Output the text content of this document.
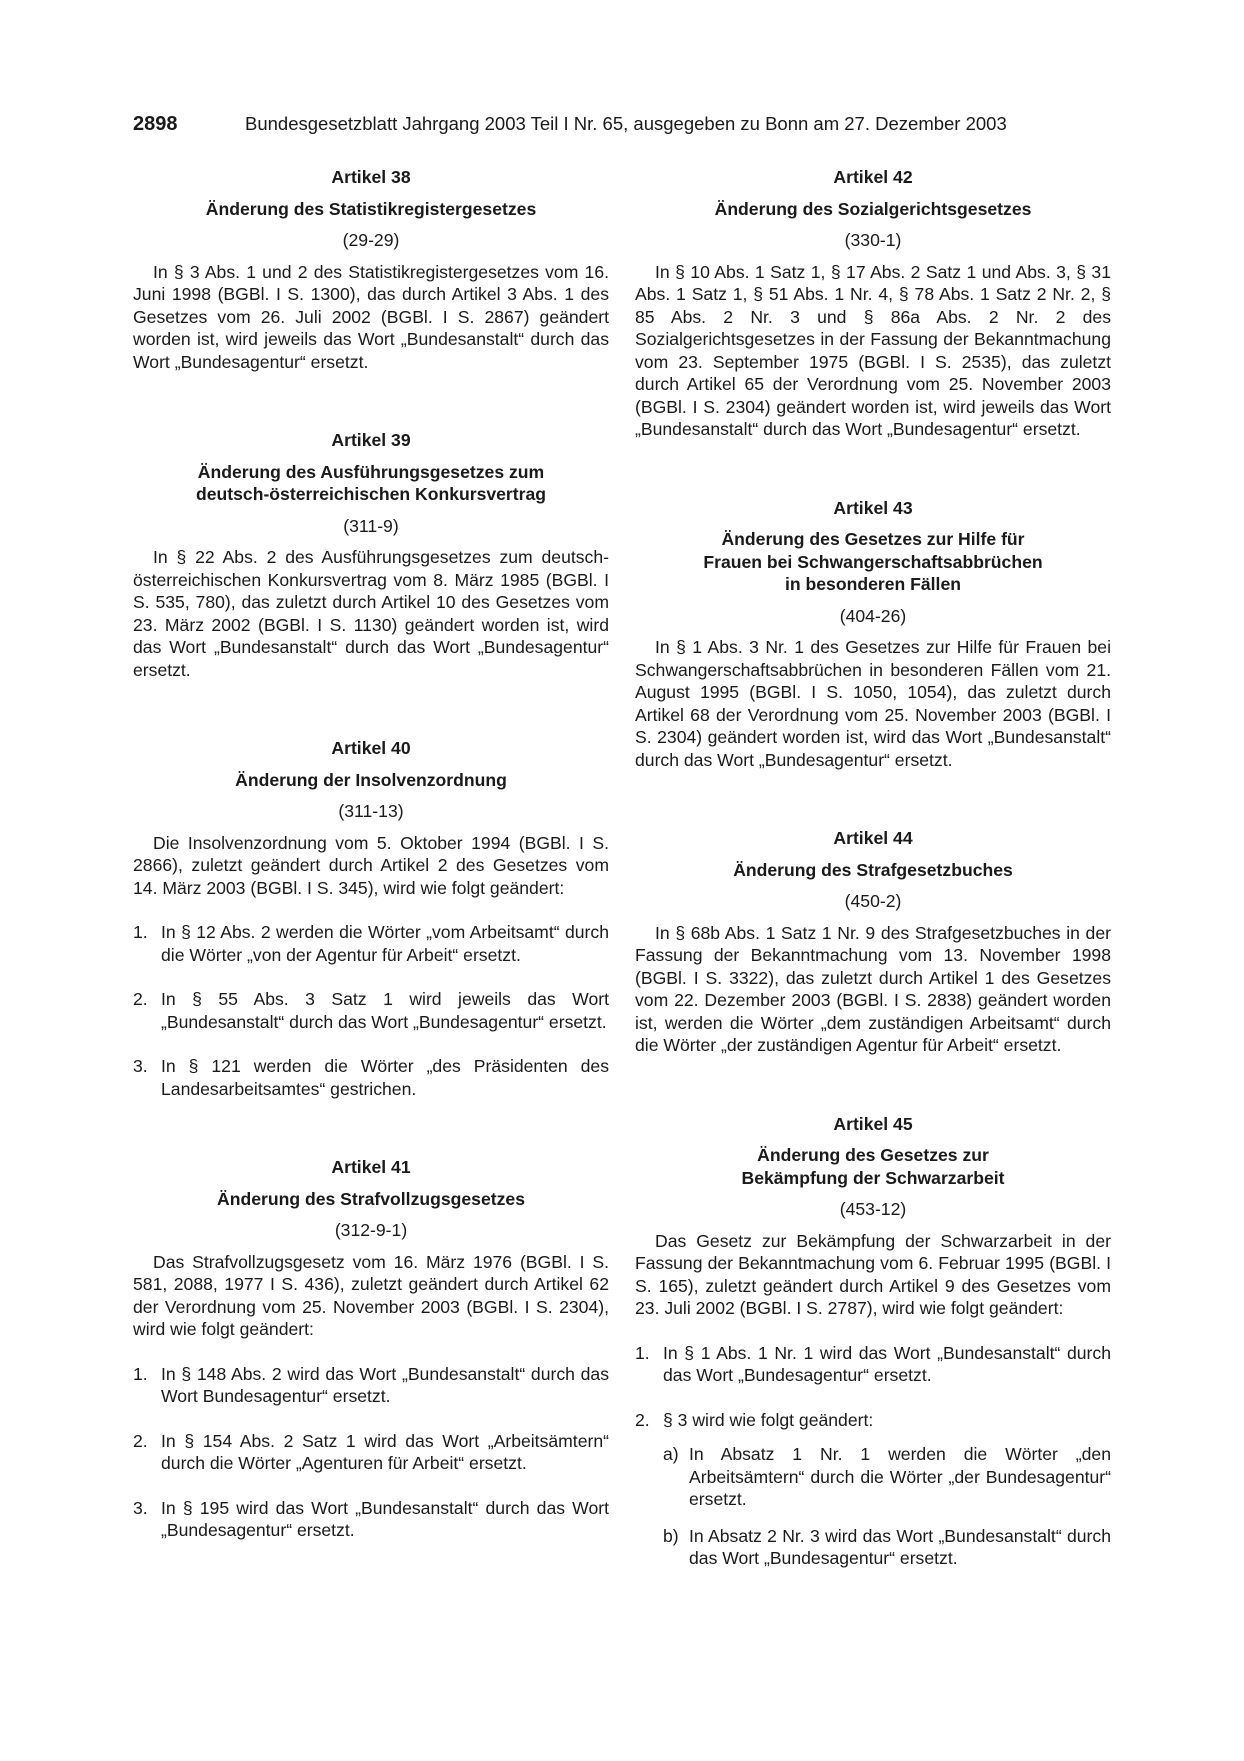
2898	Bundesgesetzblatt Jahrgang 2003 Teil I Nr. 65, ausgegeben zu Bonn am 27. Dezember 2003

Artikel 38

Änderung des Statistikregistergesetzes

(29-29)

In § 3 Abs. 1 und 2 des Statistikregistergesetzes vom 16. Juni 1998 (BGBl. I S. 1300), das durch Artikel 3 Abs. 1 des Gesetzes vom 26. Juli 2002 (BGBl. I S. 2867) geändert worden ist, wird jeweils das Wort „Bundesanstalt“ durch das Wort „Bundesagentur“ ersetzt.

Artikel 39

Änderung des Ausführungsgesetzes zum deutsch-österreichischen Konkursvertrag

(311-9)

In § 22 Abs. 2 des Ausführungsgesetzes zum deutsch-österreichischen Konkursvertrag vom 8. März 1985 (BGBl. I S. 535, 780), das zuletzt durch Artikel 10 des Gesetzes vom 23. März 2002 (BGBl. I S. 1130) geändert worden ist, wird das Wort „Bundesanstalt“ durch das Wort „Bundesagentur“ ersetzt.

Artikel 40

Änderung der Insolvenzordnung

(311-13)

Die Insolvenzordnung vom 5. Oktober 1994 (BGBl. I S. 2866), zuletzt geändert durch Artikel 2 des Gesetzes vom 14. März 2003 (BGBl. I S. 345), wird wie folgt geändert:

1. In § 12 Abs. 2 werden die Wörter „vom Arbeitsamt“ durch die Wörter „von der Agentur für Arbeit“ ersetzt.
2. In § 55 Abs. 3 Satz 1 wird jeweils das Wort „Bundesanstalt“ durch das Wort „Bundesagentur“ ersetzt.
3. In § 121 werden die Wörter „des Präsidenten des Landesarbeitsamtes“ gestrichen.

Artikel 41

Änderung des Strafvollzugsgesetzes

(312-9-1)

Das Strafvollzugsgesetz vom 16. März 1976 (BGBl. I S. 581, 2088, 1977 I S. 436), zuletzt geändert durch Artikel 62 der Verordnung vom 25. November 2003 (BGBl. I S. 2304), wird wie folgt geändert:

1. In § 148 Abs. 2 wird das Wort „Bundesanstalt“ durch das Wort Bundesagentur“ ersetzt.
2. In § 154 Abs. 2 Satz 1 wird das Wort „Arbeitsämtern“ durch die Wörter „Agenturen für Arbeit“ ersetzt.
3. In § 195 wird das Wort „Bundesanstalt“ durch das Wort „Bundesagentur“ ersetzt.

Artikel 42

Änderung des Sozialgerichtsgesetzes

(330-1)

In § 10 Abs. 1 Satz 1, § 17 Abs. 2 Satz 1 und Abs. 3, § 31 Abs. 1 Satz 1, § 51 Abs. 1 Nr. 4, § 78 Abs. 1 Satz 2 Nr. 2, § 85 Abs. 2 Nr. 3 und § 86a Abs. 2 Nr. 2 des Sozialgerichtsgesetzes in der Fassung der Bekanntmachung vom 23. September 1975 (BGBl. I S. 2535), das zuletzt durch Artikel 65 der Verordnung vom 25. November 2003 (BGBl. I S. 2304) geändert worden ist, wird jeweils das Wort „Bundesanstalt“ durch das Wort „Bundesagentur“ ersetzt.

Artikel 43

Änderung des Gesetzes zur Hilfe für Frauen bei Schwangerschaftsabbrüchen in besonderen Fällen

(404-26)

In § 1 Abs. 3 Nr. 1 des Gesetzes zur Hilfe für Frauen bei Schwangerschaftsabbrüchen in besonderen Fällen vom 21. August 1995 (BGBl. I S. 1050, 1054), das zuletzt durch Artikel 68 der Verordnung vom 25. November 2003 (BGBl. I S. 2304) geändert worden ist, wird das Wort „Bundesanstalt“ durch das Wort „Bundesagentur“ ersetzt.

Artikel 44

Änderung des Strafgesetzbuches

(450-2)

In § 68b Abs. 1 Satz 1 Nr. 9 des Strafgesetzbuches in der Fassung der Bekanntmachung vom 13. November 1998 (BGBl. I S. 3322), das zuletzt durch Artikel 1 des Gesetzes vom 22. Dezember 2003 (BGBl. I S. 2838) geändert worden ist, werden die Wörter „dem zuständigen Arbeitsamt“ durch die Wörter „der zuständigen Agentur für Arbeit“ ersetzt.

Artikel 45

Änderung des Gesetzes zur Bekämpfung der Schwarzarbeit

(453-12)

Das Gesetz zur Bekämpfung der Schwarzarbeit in der Fassung der Bekanntmachung vom 6. Februar 1995 (BGBl. I S. 165), zuletzt geändert durch Artikel 9 des Gesetzes vom 23. Juli 2002 (BGBl. I S. 2787), wird wie folgt geändert:

1. In § 1 Abs. 1 Nr. 1 wird das Wort „Bundesanstalt“ durch das Wort „Bundesagentur“ ersetzt.
2. § 3 wird wie folgt geändert:
a) In Absatz 1 Nr. 1 werden die Wörter „den Arbeitsämtern“ durch die Wörter „der Bundesagentur“ ersetzt.
b) In Absatz 2 Nr. 3 wird das Wort „Bundesanstalt“ durch das Wort „Bundesagentur“ ersetzt.
